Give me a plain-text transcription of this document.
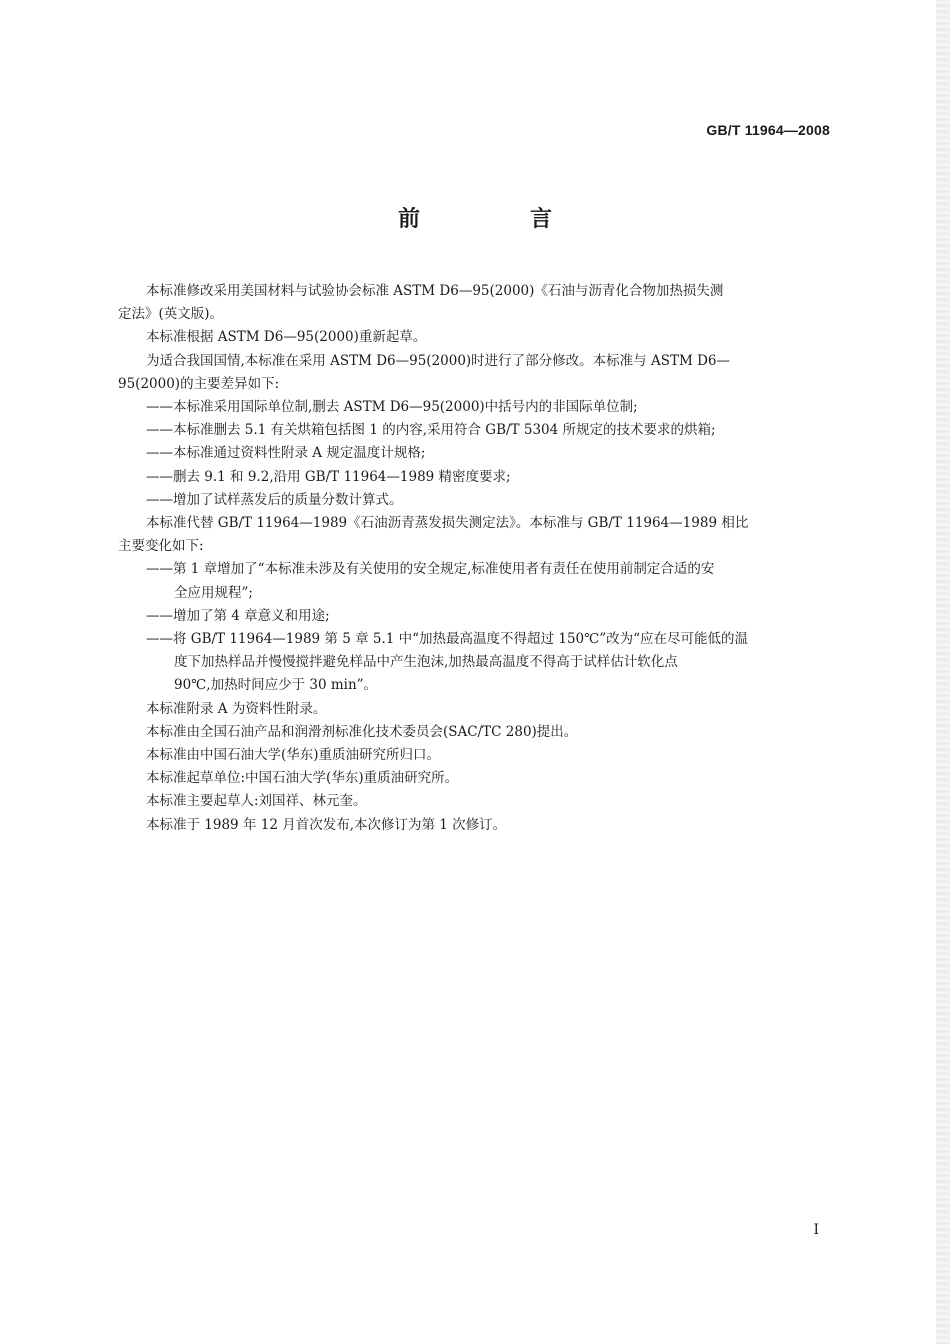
GB/T 11964—2008
前　言

本标准修改采用美国材料与试验协会标准 ASTM D6—95(2000)《石油与沥青化合物加热损失测

定法》(英文版)。

本标准根据 ASTM D6—95(2000)重新起草。

为适合我国国情,本标准在采用 ASTM D6—95(2000)时进行了部分修改。本标准与 ASTM D6—

95(2000)的主要差异如下:

——本标准采用国际单位制,删去 ASTM D6—95(2000)中括号内的非国际单位制;

——本标准删去 5.1 有关烘箱包括图 1 的内容,采用符合 GB/T 5304 所规定的技术要求的烘箱;

——本标准通过资料性附录 A 规定温度计规格;

——删去 9.1 和 9.2,沿用 GB/T 11964—1989 精密度要求;

——增加了试样蒸发后的质量分数计算式。

本标准代替 GB/T 11964—1989《石油沥青蒸发损失测定法》。本标准与 GB/T 11964—1989 相比

主要变化如下:

——第 1 章增加了“本标准未涉及有关使用的安全规定,标准使用者有责任在使用前制定合适的安

全应用规程”;

——增加了第 4 章意义和用途;

——将 GB/T 11964—1989 第 5 章 5.1 中“加热最高温度不得超过 150℃”改为“应在尽可能低的温

度下加热样品并慢慢搅拌避免样品中产生泡沫,加热最高温度不得高于试样估计软化点

90℃,加热时间应少于 30 min”。

本标准附录 A 为资料性附录。

本标准由全国石油产品和润滑剂标准化技术委员会(SAC/TC 280)提出。

本标准由中国石油大学(华东)重质油研究所归口。

本标准起草单位:中国石油大学(华东)重质油研究所。

本标准主要起草人:刘国祥、林元奎。

本标准于 1989 年 12 月首次发布,本次修订为第 1 次修订。

I
